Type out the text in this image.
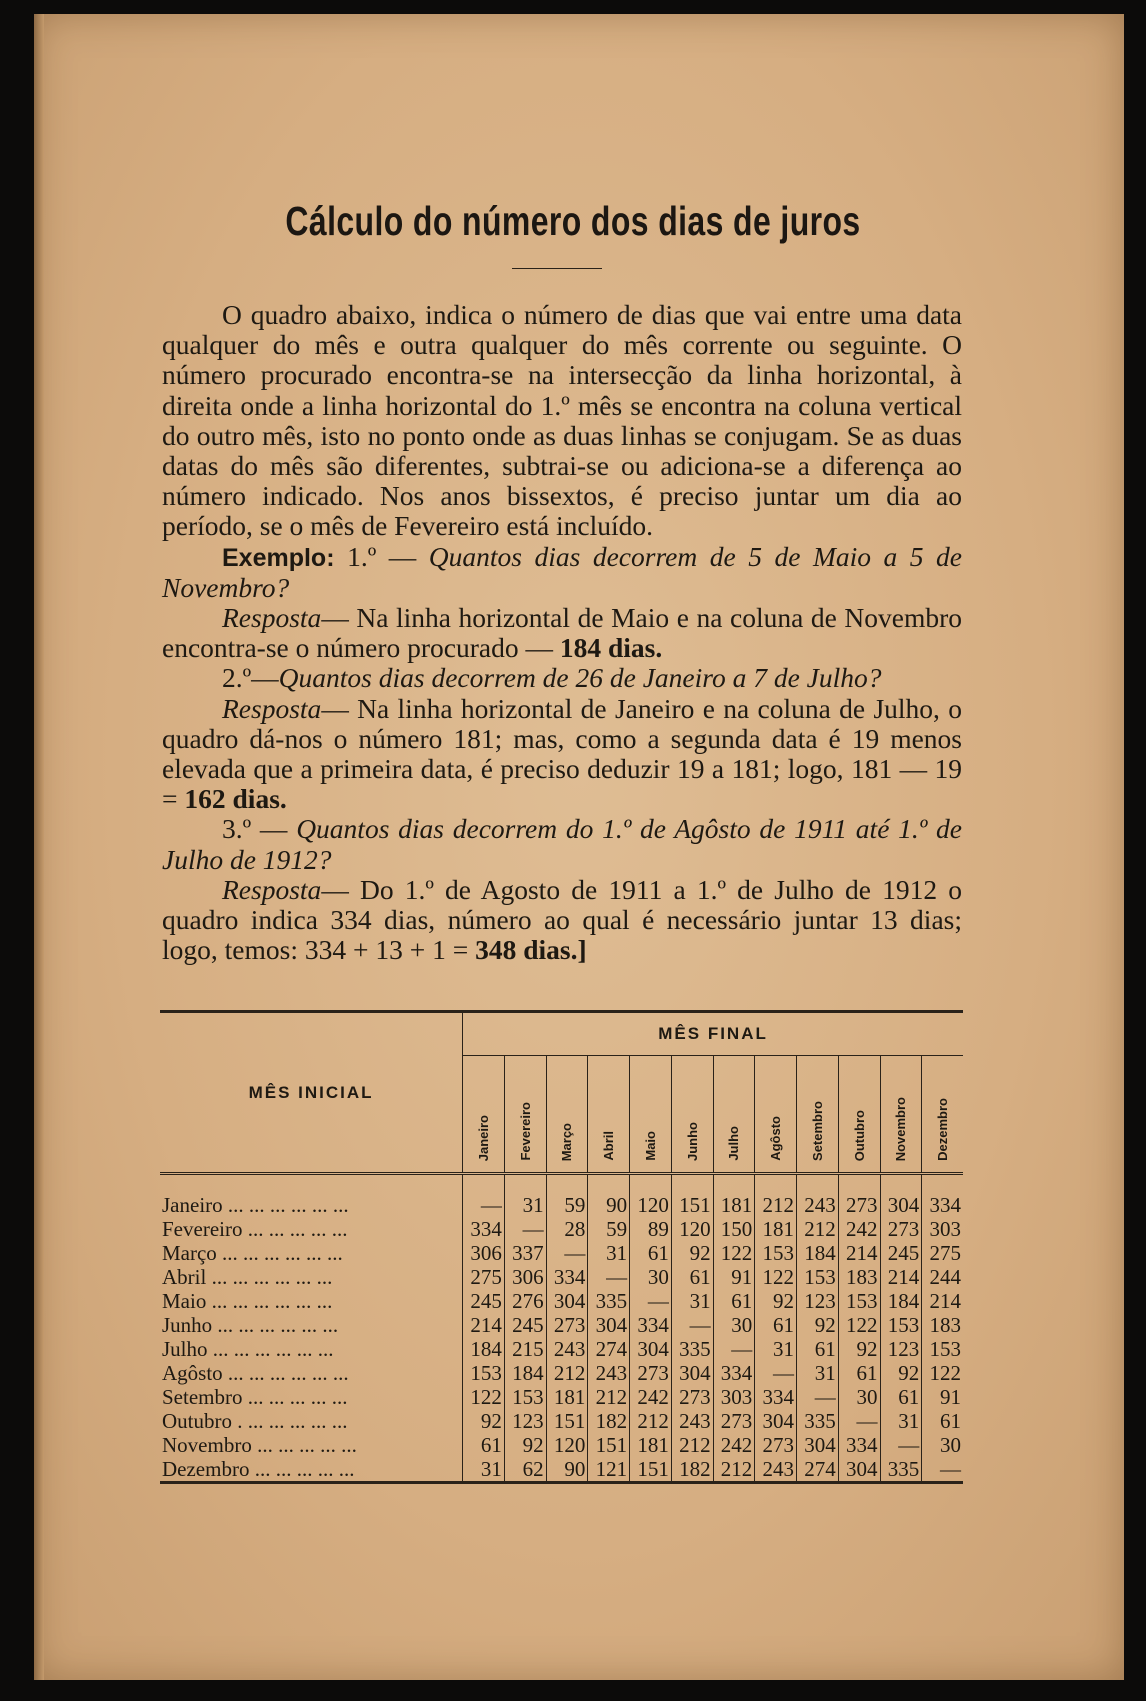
Cálculo do número dos dias de juros

O quadro abaixo, indica o número de dias que vai entre uma data qualquer do mês e outra qualquer do mês corrente ou seguinte. O número procurado encontra-se na intersecção da linha horizontal, à direita onde a linha horizontal do 1.º mês se encontra na coluna vertical do outro mês, isto no ponto onde as duas linhas se conjugam. Se as duas datas do mês são diferentes, subtrai-se ou adiciona-se a diferença ao número indicado. Nos anos bissextos, é preciso juntar um dia ao período, se o mês de Fevereiro está incluído.

Exemplo: 1.º — Quantos dias decorrem de 5 de Maio a 5 de Novembro?

Resposta— Na linha horizontal de Maio e na coluna de Novembro encontra-se o número procurado — 184 dias.

2.º—Quantos dias decorrem de 26 de Janeiro a 7 de Julho?

Resposta— Na linha horizontal de Janeiro e na coluna de Julho, o quadro dá-nos o número 181; mas, como a segunda data é 19 menos elevada que a primeira data, é preciso deduzir 19 a 181; logo, 181 — 19 = 162 dias.

3.º — Quantos dias decorrem do 1.º de Agôsto de 1911 até 1.º de Julho de 1912?

Resposta— Do 1.º de Agosto de 1911 a 1.º de Julho de 1912 o quadro indica 334 dias, número ao qual é necessário juntar 13 dias; logo, temos: 334 + 13 + 1 = 348 dias.]

MÊS INICIAL	MÊS FINAL											
	Janeiro	Fevereiro	Março	Abril	Maio	Junho	Julho	Agôsto	Setembro	Outubro	Novembro	Dezembro
Janeiro ... ... ... ... ... ...	—	31	59	90	120	151	181	212	243	273	304	334
Fevereiro ... ... ... ... ...	334	—	28	59	89	120	150	181	212	242	273	303
Março ... ... ... ... ... ...	306	337	—	31	61	92	122	153	184	214	245	275
Abril ... ... ... ... ... ...	275	306	334	—	30	61	91	122	153	183	214	244
Maio ... ... ... ... ... ...	245	276	304	335	—	31	61	92	123	153	184	214
Junho ... ... ... ... ... ...	214	245	273	304	334	—	30	61	92	122	153	183
Julho ... ... ... ... ... ...	184	215	243	274	304	335	—	31	61	92	123	153
Agôsto ... ... ... ... ... ...	153	184	212	243	273	304	334	—	31	61	92	122
Setembro ... ... ... ... ...	122	153	181	212	242	273	303	334	—	30	61	91
Outubro . ... ... ... ... ...	92	123	151	182	212	243	273	304	335	—	31	61
Novembro ... ... ... ... ...	61	92	120	151	181	212	242	273	304	334	—	30
Dezembro ... ... ... ... ...	31	62	90	121	151	182	212	243	274	304	335	—
